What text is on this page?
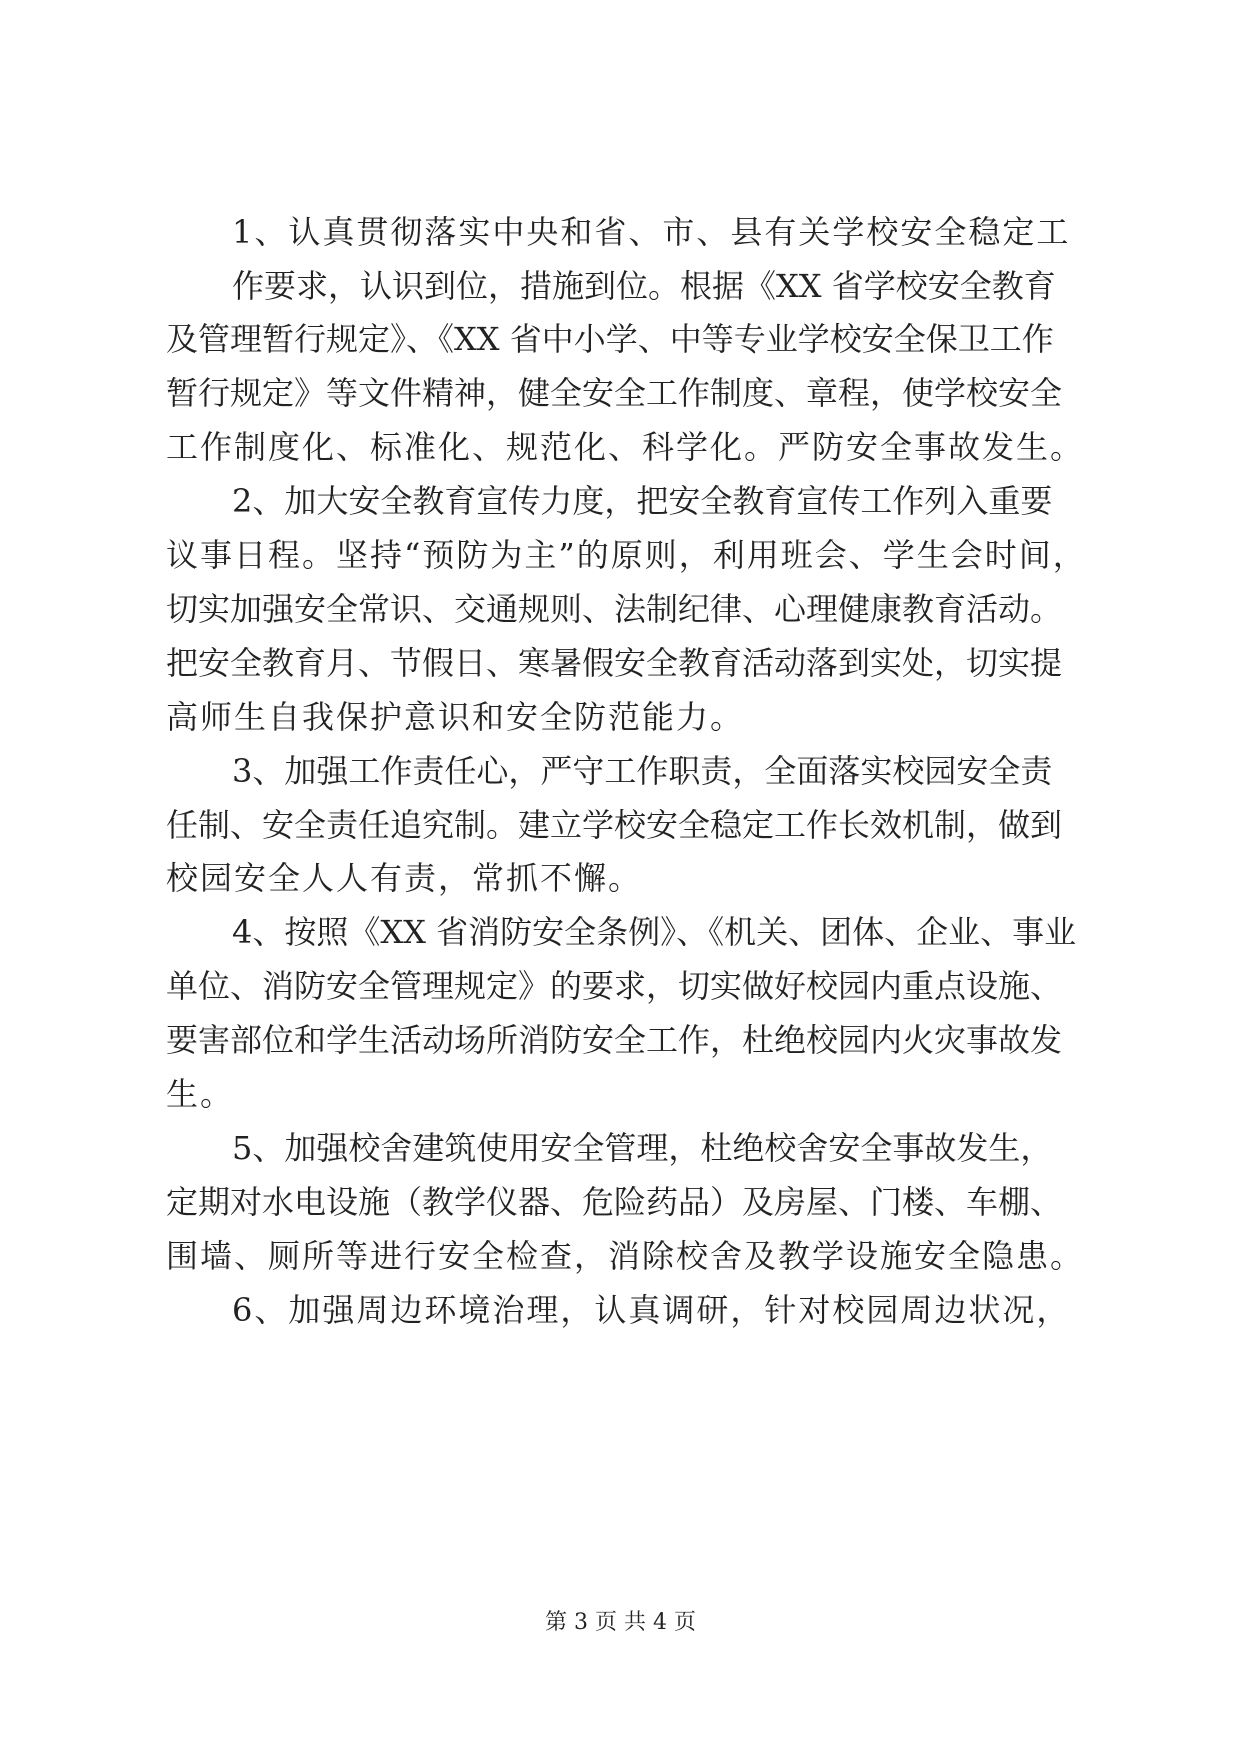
1、认真贯彻落实中央和省、市、县有关学校安全稳定工
作要求，认识到位，措施到位。根据《XX 省学校安全教育
及管理暂行规定》、《XX 省中小学、中等专业学校安全保卫工作
暂行规定》等文件精神，健全安全工作制度、章程，使学校安全
工作制度化、标准化、规范化、科学化。严防安全事故发生。
2、加大安全教育宣传力度，把安全教育宣传工作列入重要
议事日程。坚持“预防为主”的原则，利用班会、学生会时间，
切实加强安全常识、交通规则、法制纪律、心理健康教育活动。
把安全教育月、节假日、寒暑假安全教育活动落到实处，切实提
高师生自我保护意识和安全防范能力。
3、加强工作责任心，严守工作职责，全面落实校园安全责
任制、安全责任追究制。建立学校安全稳定工作长效机制，做到
校园安全人人有责，常抓不懈。
4、按照《XX 省消防安全条例》、《机关、团体、企业、事业
单位、消防安全管理规定》的要求，切实做好校园内重点设施、
要害部位和学生活动场所消防安全工作，杜绝校园内火灾事故发
生。
5、加强校舍建筑使用安全管理，杜绝校舍安全事故发生，
定期对水电设施（教学仪器、危险药品）及房屋、门楼、车棚、
围墙、厕所等进行安全检查，消除校舍及教学设施安全隐患。
6、加强周边环境治理，认真调研，针对校园周边状况，
第 3 页 共 4 页
